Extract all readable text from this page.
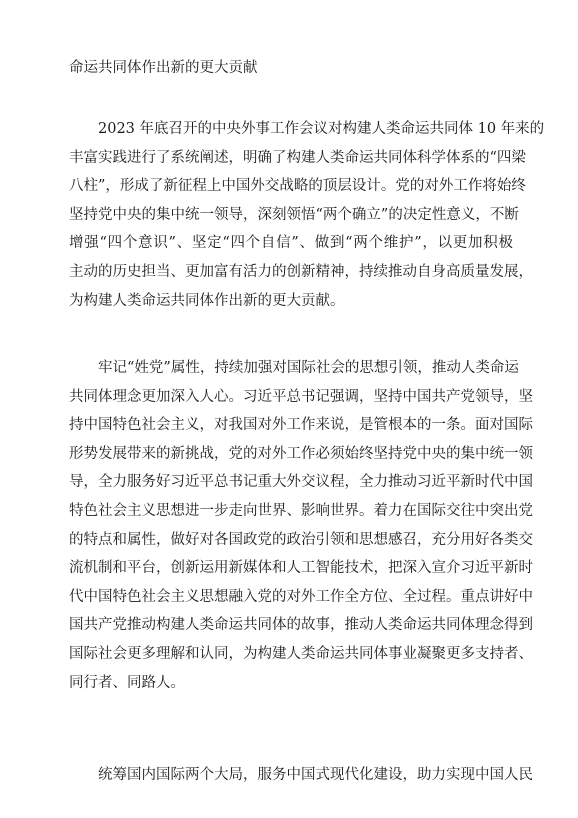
命运共同体作出新的更大贡献
2023 年底召开的中央外事工作会议对构建人类命运共同体 10 年来的
丰富实践进行了系统阐述，明确了构建人类命运共同体科学体系的“四梁
八柱”，形成了新征程上中国外交战略的顶层设计。党的对外工作将始终
坚持党中央的集中统一领导，深刻领悟“两个确立”的决定性意义，不断
增强“四个意识”、坚定“四个自信”、做到“两个维护”，以更加积极
主动的历史担当、更加富有活力的创新精神，持续推动自身高质量发展，
为构建人类命运共同体作出新的更大贡献。
牢记“姓党”属性，持续加强对国际社会的思想引领，推动人类命运
共同体理念更加深入人心。习近平总书记强调，坚持中国共产党领导，坚
持中国特色社会主义，对我国对外工作来说，是管根本的一条。面对国际
形势发展带来的新挑战，党的对外工作必须始终坚持党中央的集中统一领
导，全力服务好习近平总书记重大外交议程，全力推动习近平新时代中国
特色社会主义思想进一步走向世界、影响世界。着力在国际交往中突出党
的特点和属性，做好对各国政党的政治引领和思想感召，充分用好各类交
流机制和平台，创新运用新媒体和人工智能技术，把深入宣介习近平新时
代中国特色社会主义思想融入党的对外工作全方位、全过程。重点讲好中
国共产党推动构建人类命运共同体的故事，推动人类命运共同体理念得到
国际社会更多理解和认同，为构建人类命运共同体事业凝聚更多支持者、
同行者、同路人。
统筹国内国际两个大局，服务中国式现代化建设，助力实现中国人民
